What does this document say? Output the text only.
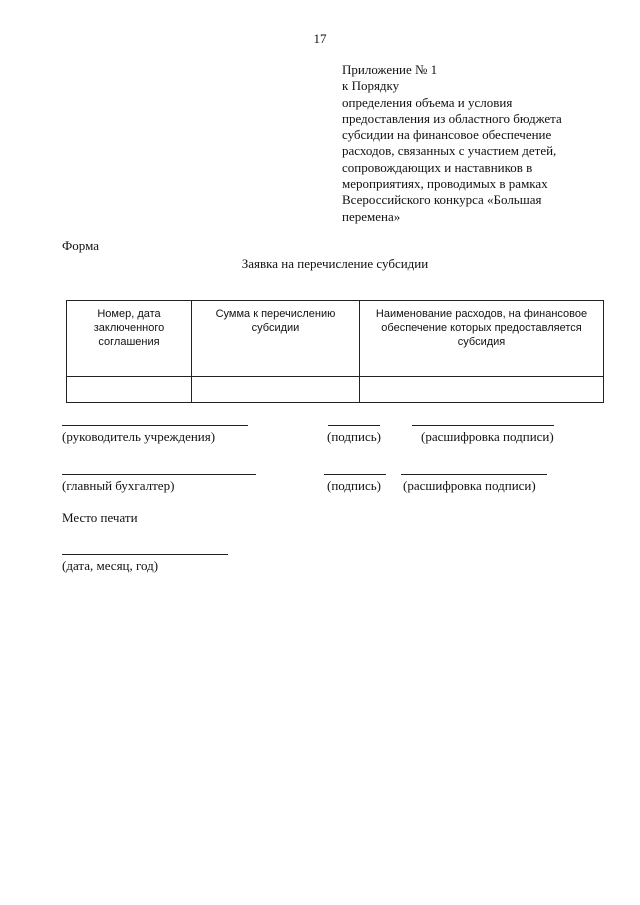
17
Приложение № 1
к Порядку
определения объема и условия
предоставления из областного бюджета
субсидии на финансовое обеспечение
расходов, связанных с участием детей,
сопровождающих и наставников в
мероприятиях, проводимых в рамках
Всероссийского конкурса «Большая
перемена»
Форма
Заявка на перечисление субсидии
Номер, дата заключенного соглашения	Сумма к перечислению субсидии	Наименование расходов, на финансовое обеспечение которых предоставляется субсидия

(руководитель учреждения)	(подпись)	(расшифровка подписи)
(главный бухгалтер)	(подпись) (расшифровка подписи)
Место печати
(дата, месяц, год)
